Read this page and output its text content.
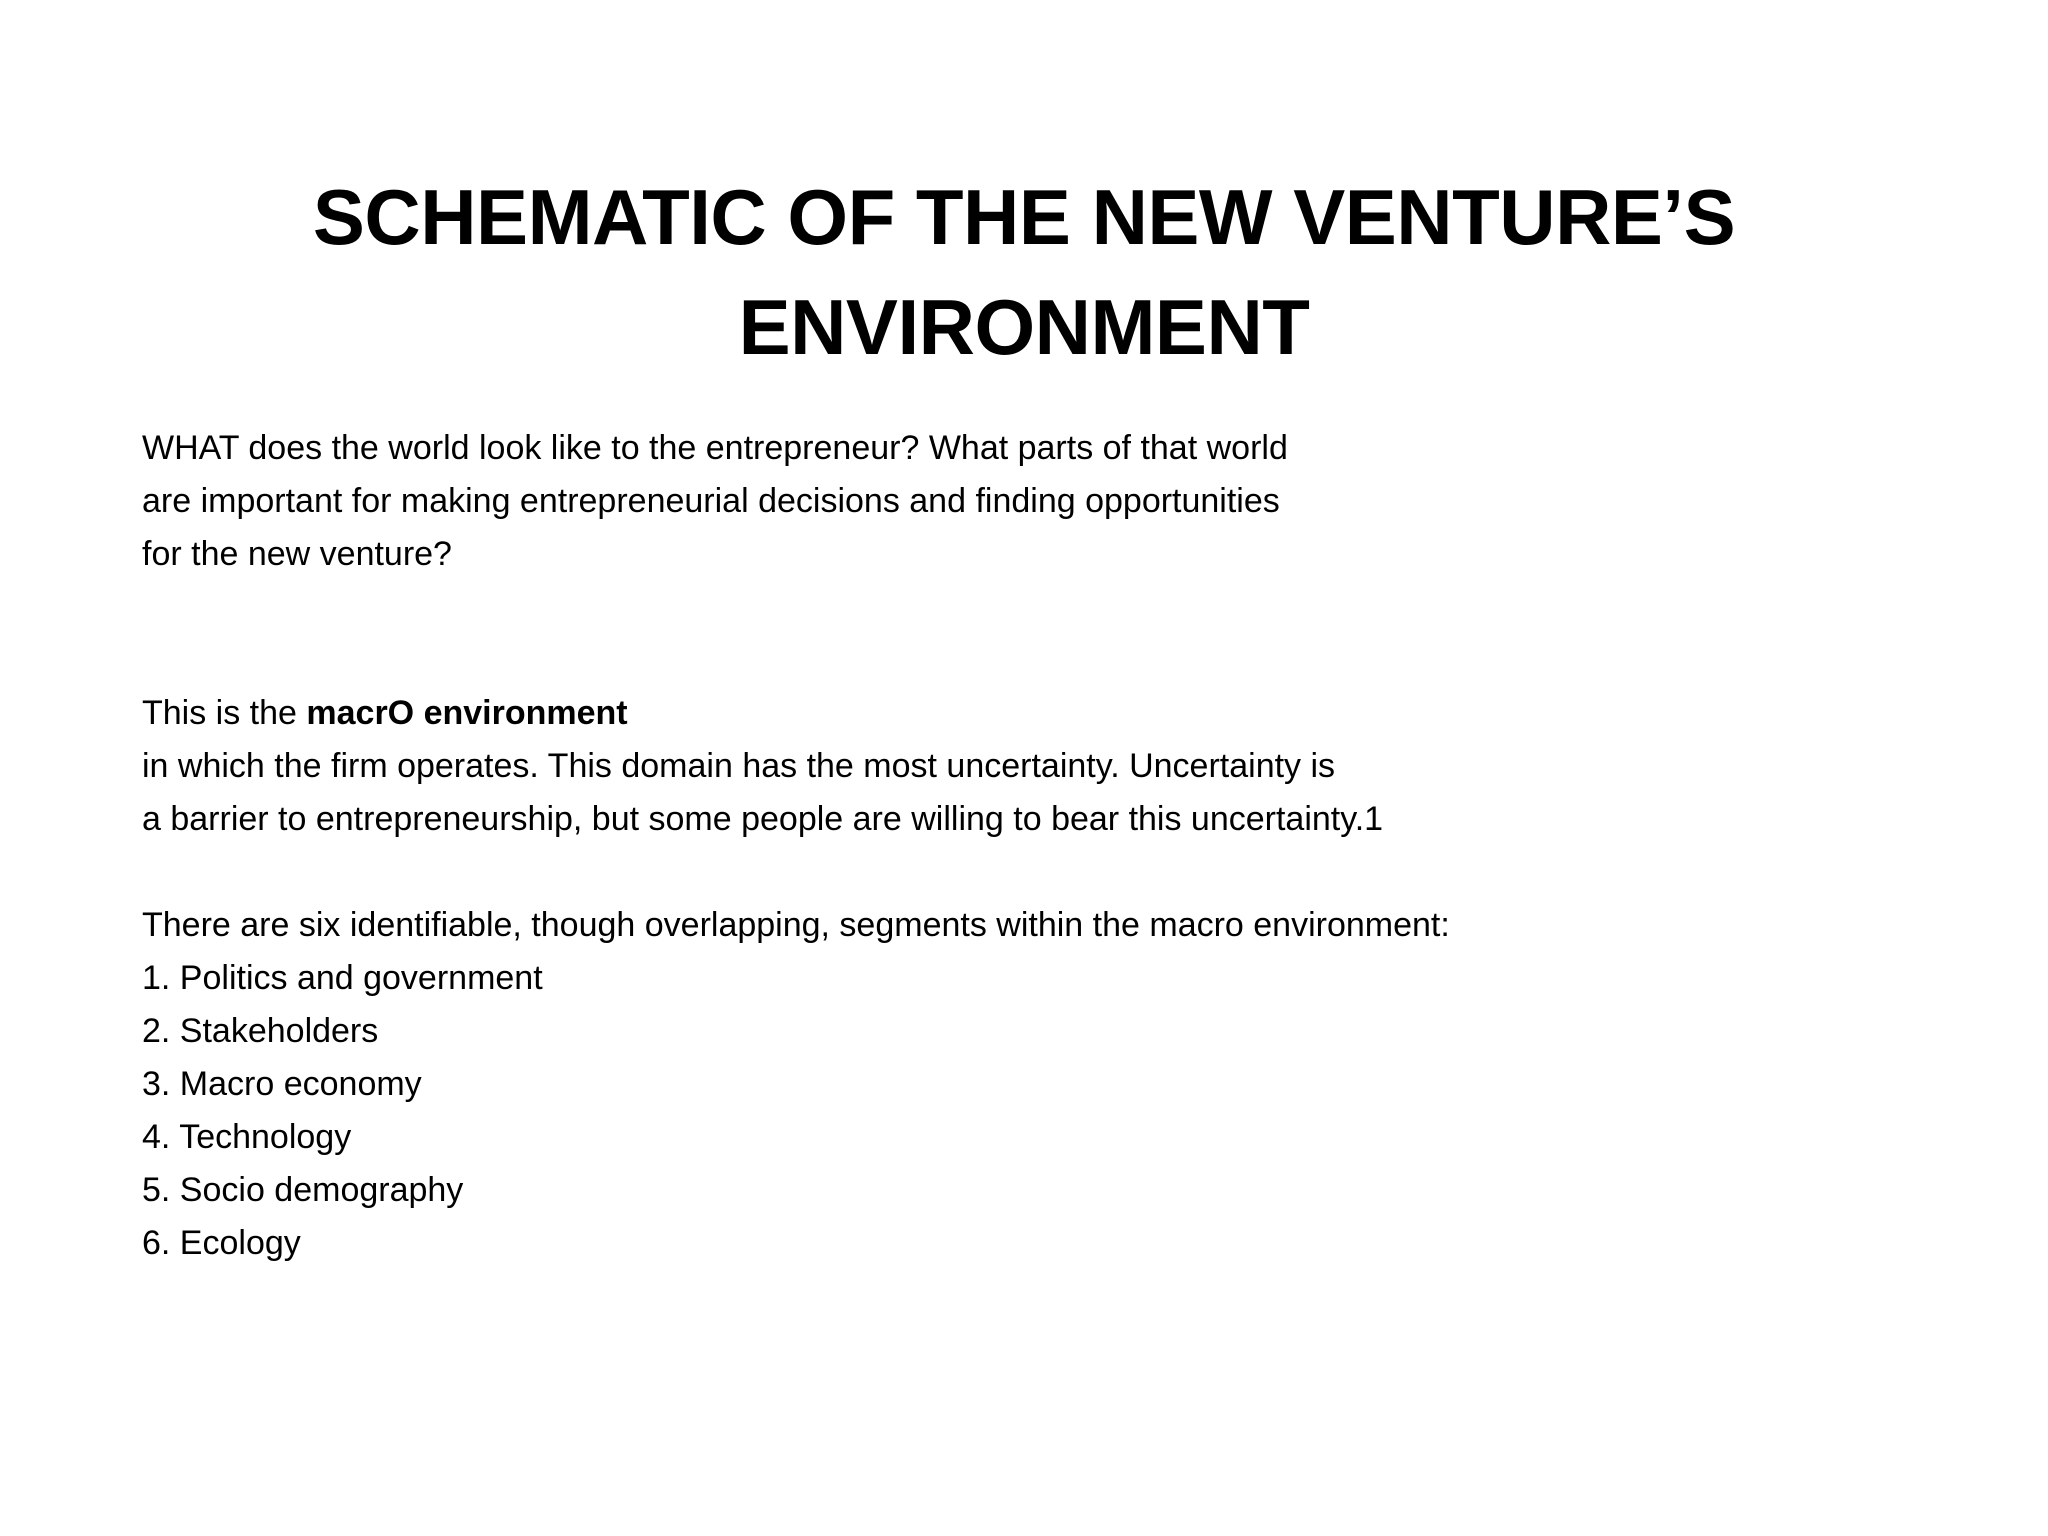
SCHEMATIC OF THE NEW VENTURE’S
ENVIRONMENT
WHAT does the world look like to the entrepreneur? What parts of that world
are important for making entrepreneurial decisions and finding opportunities
for the new venture?
This is the macrO environment
in which the firm operates. This domain has the most uncertainty. Uncertainty is
a barrier to entrepreneurship, but some people are willing to bear this uncertainty.1
There are six identifiable, though overlapping, segments within the macro environment:
1. Politics and government
2. Stakeholders
3. Macro economy
4. Technology
5. Socio demography
6. Ecology
